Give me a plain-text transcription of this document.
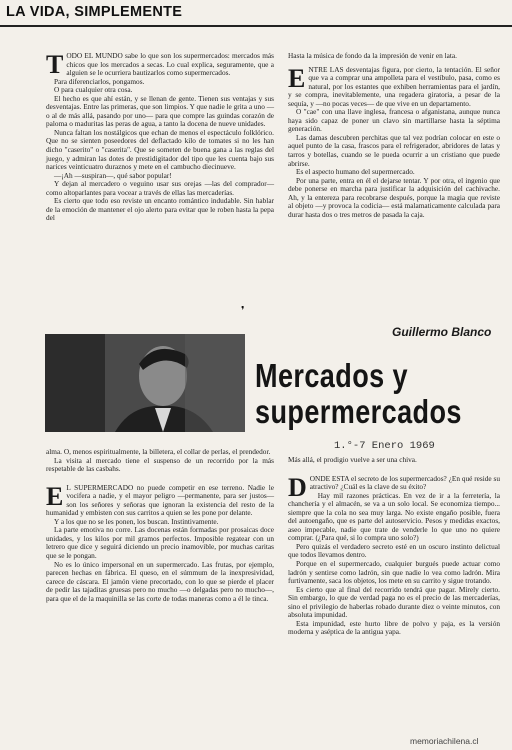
LA VIDA, SIMPLEMENTE

TODO EL MUNDO sabe lo que son los supermercados: mercados más chicos que los mercados a secas. Lo cual explica, seguramente, que a alguien se le ocurriera bautizarlos como supermercados.

Para diferenciarlos, pongamos.

O para cualquier otra cosa.

El hecho es que ahí están, y se llenan de gente. Tienen sus ventajas y sus desventajas. Entre las primeras, que son limpios. Y que nadie le grita a uno —o al de más allá, pasando por uno— para que compre las guindas corazón de paloma o maduritas las peras de agua, a tanto la docena de nueve unidades.

Nunca faltan los nostálgicos que echan de menos el espectáculo folklórico. Que no se sienten poseedores del deflactado kilo de tomates si no les han dicho "caserito" o "caserita". Que se someten de buena gana a las reglas del juego, y admiran las dotes de prestidigitador del tipo que les cuenta bajo sus narices veinticuatro duraznos y mete en el cambucho diecinueve.

—¡Ah —suspiran—, qué sabor popular!

Y dejan al mercadero o veguino usar sus orejas —las del comprador— como altoparlantes para vocear a través de ellas las mercaderías.

Es cierto que todo eso reviste un encanto romántico indudable. Sin hablar de la emoción de mantener el ojo alerto para evitar que le roben hasta la pepa del

Hasta la música de fondo da la impresión de venir en lata.

ENTRE LAS desventajas figura, por cierto, la tentación. El señor que va a comprar una ampolleta para el vestíbulo, pasa, como es natural, por los estantes que exhiben herramientas para el jardín, y se compra, inevitablemente, una regadera giratoria, a pesar de la sequía, y —no pocas veces— de que vive en un departamento.

O "cae" con una llave inglesa, francesa o afganistana, aunque nunca haya sido capaz de poner un clavo sin martillarse hasta la séptima generación.

Las damas descubren perchitas que tal vez podrían colocar en este o aquel punto de la casa, frascos para el refrigerador, abridores de latas y tarros y botellas, cuando se le pueda ocurrir a un cristiano que puede abrirse.

Es el aspecto humano del supermercado.

Por una parte, entra en él el dejarse tentar. Y por otra, el ingenio que debe ponerse en marcha para justificar la adquisición del cachivache. Ah, y la entereza para recobrarse después, porque la magia que reviste al objeto —y provoca la codicia— está malamaticamente calculada para durar hasta dos o tres metros de pasada la caja.

❜
Guillermo Blanco
Mercados y
supermercados
1.°-7 Enero 1969

alma. O, menos espiritualmente, la billetera, el collar de perlas, el prendedor.

La visita al mercado tiene el suspenso de un recorrido por la más respetable de las casbahs.

E L SUPERMERCADO no puede competir en ese terreno. Nadie le vocifera a nadie, y el mayor peligro —permanente, para ser justos— son los señores y señoras que ignoran la existencia del resto de la humanidad y embisten con sus carritos a quien se les pone por delante.

Y a los que no se les ponen, los buscan. Instintivamente.

La parte emotiva no corre. Las docenas están formadas por prosaicas doce unidades, y los kilos por mil gramos perfectos. Imposible regatear con un letrero que dice y seguirá diciendo un precio inamovible, por muchas caritas que se le pongan.

No es lo único impersonal en un supermercado. Las frutas, por ejemplo, parecen hechas en fábrica. El queso, en el súmmum de la inexpresividad, carece de cáscara. El jamón viene precortado, con lo que se pierde el placer de pedir las tajaditas gruesas pero no mucho —o delgadas pero no mucho—, para que el de la maquinilla se las corte de todas maneras como a él le tinca.

Más allá, el prodigio vuelve a ser una chiva.

DONDE ESTA el secreto de los supermercados? ¿En qué reside su atractivo? ¿Cuál es la clave de su éxito?

Hay mil razones prácticas. En vez de ir a la ferretería, la chanchería y el almacén, se va a un solo local. Se economiza tiempo... siempre que la cola no sea muy larga. No existe engaño posible, fuera del autoengaño, que es parte del autoservicio. Pesos y medidas exactos, aseo impecable, nadie que trate de venderle lo que uno no quiere comprar. (¿Para qué, si lo compra uno solo?)

Pero quizás el verdadero secreto esté en un oscuro instinto delictual que todos llevamos dentro.

Porque en el supermercado, cualquier burgués puede actuar como ladrón y sentirse como ladrón, sin que nadie lo vea como ladrón. Mira furtivamente, saca los objetos, los mete en su carrito y sigue trotando.

Es cierto que al final del recorrido tendrá que pagar. Mirely cierto. Sin embargo, lo que de verdad paga no es el precio de las mercaderías, sino el privilegio de haberlas robado durante diez o veinte minutos, con absoluta impunidad.

Esta impunidad, este hurto libre de polvo y paja, es la versión moderna y aséptica de la antigua yapa.

memoriachilena.cl
